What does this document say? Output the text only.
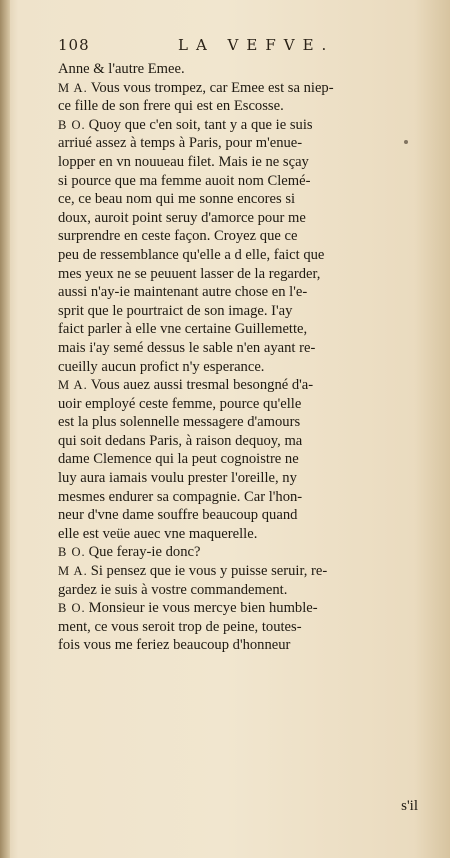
108	LA VEFVE.
Anne & l'autre Emee.
M A. Vous vous trompez, car Emee est sa niep-
ce fille de son frere qui est en Escosse.
B O. Quoy que c'en soit, tant y a que ie suis
arriué assez à temps à Paris, pour m'enue-
lopper en vn nouueau filet. Mais ie ne sçay
si pource que ma femme auoit nom Clemé-
ce, ce beau nom qui me sonne encores si
doux, auroit point seruy d'amorce pour me
surprendre en ceste façon. Croyez que ce
peu de ressemblance qu'elle a d elle, faict que
mes yeux ne se peuuent lasser de la regarder,
aussi n'ay-ie maintenant autre chose en l'e-
sprit que le pourtraict de son image. I'ay
faict parler à elle vne certaine Guillemette,
mais i'ay semé dessus le sable n'en ayant re-
cueilly aucun profict n'y esperance.
M A. Vous auez aussi tresmal besongné d'a-
uoir employé ceste femme, pource qu'elle
est la plus solennelle messagere d'amours
qui soit dedans Paris, à raison dequoy, ma
dame Clemence qui la peut cognoistre ne
luy aura iamais voulu prester l'oreille, ny
mesmes endurer sa compagnie. Car l'hon-
neur d'vne dame souffre beaucoup quand
elle est veüe auec vne maquerelle.
B O. Que feray-ie donc?
M A. Si pensez que ie vous y puisse seruir, re-
gardez ie suis à vostre commandement.
B O. Monsieur ie vous mercye bien humble-
ment, ce vous seroit trop de peine, toutes-
fois vous me feriez beaucoup d'honneur
s'il
